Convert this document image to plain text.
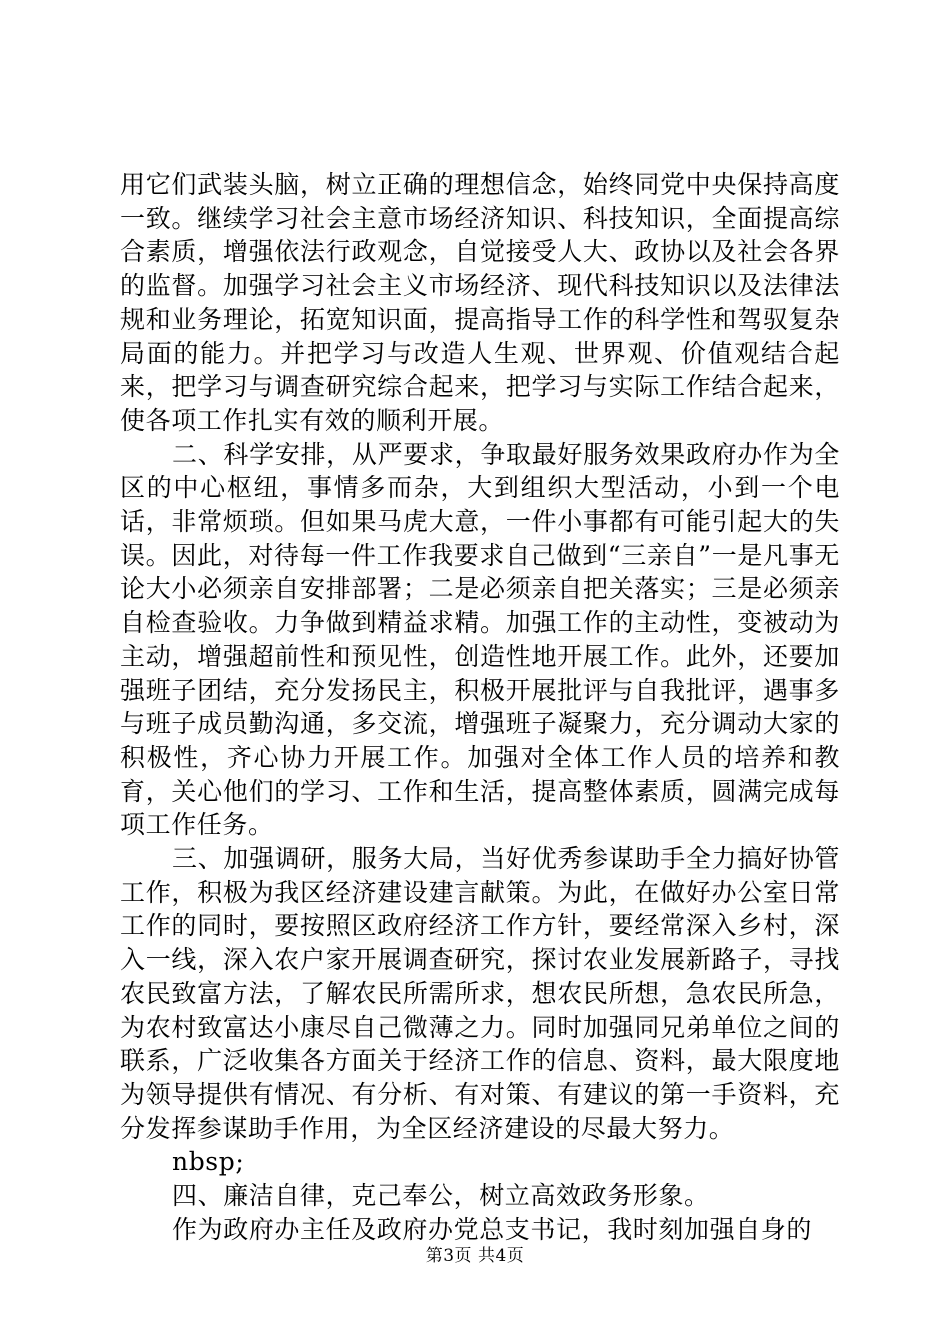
用它们武装头脑，树立正确的理想信念，始终同党中央保持高度一致。继续学习社会主意市场经济知识、科技知识，全面提高综合素质，增强依法行政观念，自觉接受人大、政协以及社会各界的监督。加强学习社会主义市场经济、现代科技知识以及法律法规和业务理论，拓宽知识面，提高指导工作的科学性和驾驭复杂局面的能力。并把学习与改造人生观、世界观、价值观结合起来，把学习与调查研究综合起来，把学习与实际工作结合起来，使各项工作扎实有效的顺利开展。

二、科学安排，从严要求，争取最好服务效果政府办作为全区的中心枢纽，事情多而杂，大到组织大型活动，小到一个电话，非常烦琐。但如果马虎大意，一件小事都有可能引起大的失误。因此，对待每一件工作我要求自己做到“三亲自”一是凡事无论大小必须亲自安排部署；二是必须亲自把关落实；三是必须亲自检查验收。力争做到精益求精。加强工作的主动性，变被动为主动，增强超前性和预见性，创造性地开展工作。此外，还要加强班子团结，充分发扬民主，积极开展批评与自我批评，遇事多与班子成员勤沟通，多交流，增强班子凝聚力，充分调动大家的积极性，齐心协力开展工作。加强对全体工作人员的培养和教育，关心他们的学习、工作和生活，提高整体素质，圆满完成每项工作任务。

三、加强调研，服务大局，当好优秀参谋助手全力搞好协管工作，积极为我区经济建设建言献策。为此，在做好办公室日常工作的同时，要按照区政府经济工作方针，要经常深入乡村，深入一线，深入农户家开展调查研究，探讨农业发展新路子，寻找农民致富方法，了解农民所需所求，想农民所想，急农民所急，为农村致富达小康尽自己微薄之力。同时加强同兄弟单位之间的联系，广泛收集各方面关于经济工作的信息、资料，最大限度地为领导提供有情况、有分析、有对策、有建议的第一手资料，充分发挥参谋助手作用，为全区经济建设的尽最大努力。

nbsp;

四、廉洁自律，克己奉公，树立高效政务形象。

作为政府办主任及政府办党总支书记，我时刻加强自身的

第3页 共4页
